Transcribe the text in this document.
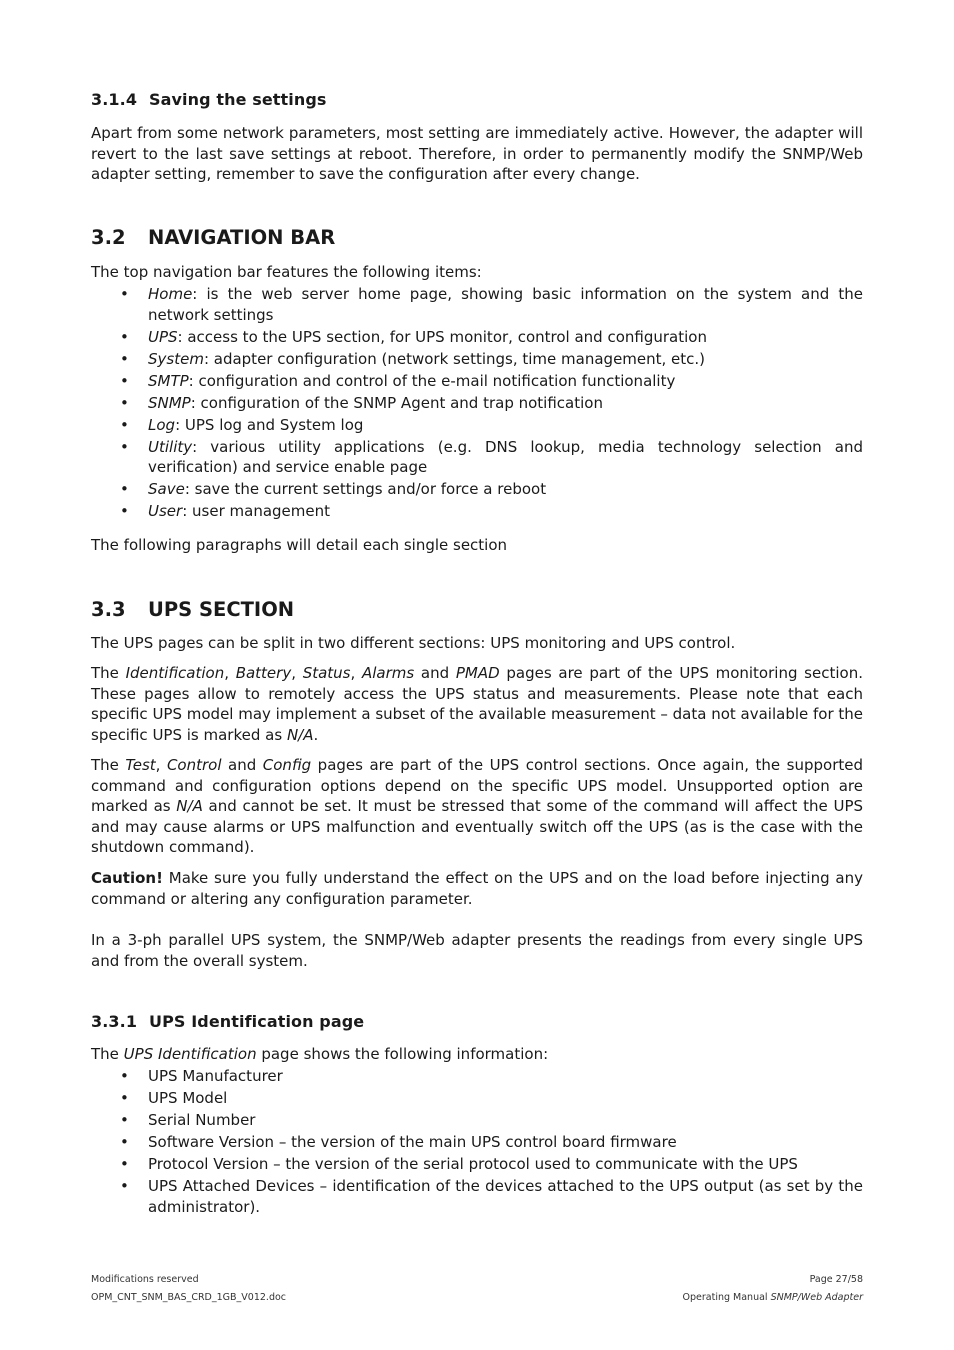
3.1.4 Saving the settings

Apart from some network parameters, most setting are immediately active. However, the adapter will revert to the last save settings at reboot. Therefore, in order to permanently modify the SNMP/Web adapter setting, remember to save the configuration after every change.

3.2 NAVIGATION BAR

The top navigation bar features the following items:

• Home: is the web server home page, showing basic information on the system and the network settings
• UPS: access to the UPS section, for UPS monitor, control and configuration
• System: adapter configuration (network settings, time management, etc.)
• SMTP: configuration and control of the e-mail notification functionality
• SNMP: configuration of the SNMP Agent and trap notification
• Log: UPS log and System log
• Utility: various utility applications (e.g. DNS lookup, media technology selection and verification) and service enable page
• Save: save the current settings and/or force a reboot
• User: user management

The following paragraphs will detail each single section

3.3 UPS SECTION

The UPS pages can be split in two different sections: UPS monitoring and UPS control.

The Identification, Battery, Status, Alarms and PMAD pages are part of the UPS monitoring section. These pages allow to remotely access the UPS status and measurements. Please note that each specific UPS model may implement a subset of the available measurement – data not available for the specific UPS is marked as N/A.

The Test, Control and Config pages are part of the UPS control sections. Once again, the supported command and configuration options depend on the specific UPS model. Unsupported option are marked as N/A and cannot be set. It must be stressed that some of the command will affect the UPS and may cause alarms or UPS malfunction and eventually switch off the UPS (as is the case with the shutdown command).

Caution! Make sure you fully understand the effect on the UPS and on the load before injecting any command or altering any configuration parameter.

In a 3-ph parallel UPS system, the SNMP/Web adapter presents the readings from every single UPS and from the overall system.

3.3.1 UPS Identification page

The UPS Identification page shows the following information:

• UPS Manufacturer
• UPS Model
• Serial Number
• Software Version – the version of the main UPS control board firmware
• Protocol Version – the version of the serial protocol used to communicate with the UPS
• UPS Attached Devices – identification of the devices attached to the UPS output (as set by the administrator).
Modifications reserved
OPM_CNT_SNM_BAS_CRD_1GB_V012.doc
Page 27/58
Operating Manual SNMP/Web Adapter
